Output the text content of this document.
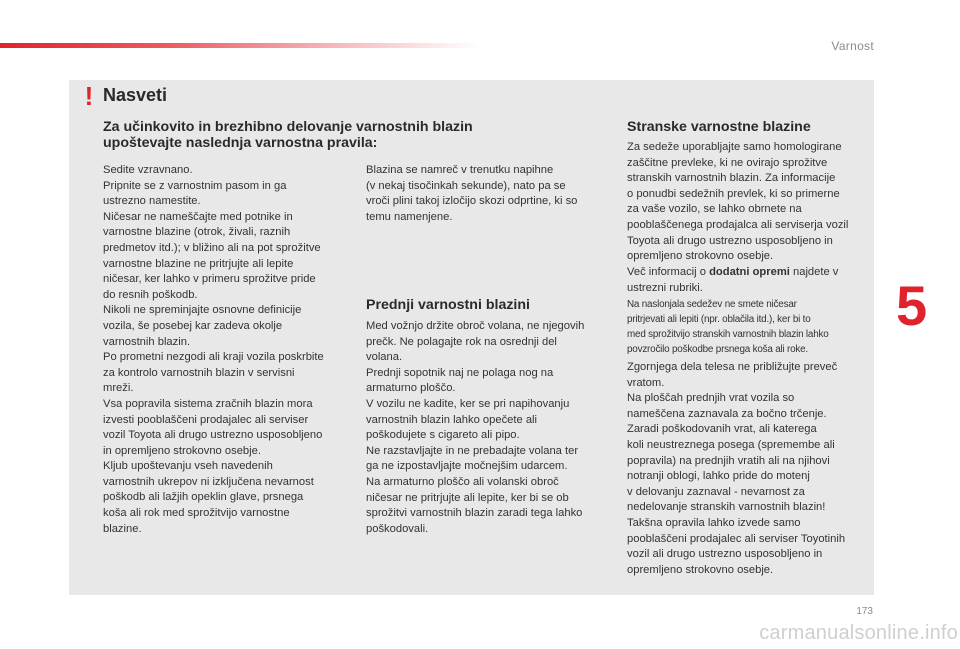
Varnost
! Nasveti
Za učinkovito in brezhibno delovanje varnostnih blazin
upoštevajte naslednja varnostna pravila:

Sedite vzravnano.

Pripnite se z varnostnim pasom in ga

ustrezno namestite.

Ničesar ne nameščajte med potnike in

varnostne blazine (otrok, živali, raznih

predmetov itd.); v bližino ali na pot sprožitve

varnostne blazine ne pritrjujte ali lepite

ničesar, ker lahko v primeru sprožitve pride

do resnih poškodb.

Nikoli ne spreminjajte osnovne definicije

vozila, še posebej kar zadeva okolje

varnostnih blazin.

Po prometni nezgodi ali kraji vozila poskrbite

za kontrolo varnostnih blazin v servisni

mreži.

Vsa popravila sistema zračnih blazin mora

izvesti pooblaščeni prodajalec ali serviser

vozil Toyota ali drugo ustrezno usposobljeno

in opremljeno strokovno osebje.

Kljub upoštevanju vseh navedenih

varnostnih ukrepov ni izključena nevarnost

poškodb ali lažjih opeklin glave, prsnega

koša ali rok med sprožitvijo varnostne

blazine.

Blazina se namreč v trenutku napihne

(v nekaj tisočinkah sekunde), nato pa se

vroči plini takoj izločijo skozi odprtine, ki so

temu namenjene.

Prednji varnostni blazini

Med vožnjo držite obroč volana, ne njegovih

prečk. Ne polagajte rok na osrednji del

volana.

Prednji sopotnik naj ne polaga nog na

armaturno ploščo.

V vozilu ne kadite, ker se pri napihovanju

varnostnih blazin lahko opečete ali

poškodujete s cigareto ali pipo.

Ne razstavljajte in ne prebadajte volana ter

ga ne izpostavljajte močnejšim udarcem.

Na armaturno ploščo ali volanski obroč

ničesar ne pritrjujte ali lepite, ker bi se ob

sprožitvi varnostnih blazin zaradi tega lahko

poškodovali.

Stranske varnostne blazine

Za sedeže uporabljajte samo homologirane

zaščitne prevleke, ki ne ovirajo sprožitve

stranskih varnostnih blazin. Za informacije

o ponudbi sedežnih prevlek, ki so primerne

za vaše vozilo, se lahko obrnete na

pooblaščenega prodajalca ali serviserja vozil

Toyota ali drugo ustrezno usposobljeno in

opremljeno strokovno osebje.

Več informacij o dodatni opremi najdete v

ustrezni rubriki.

Na naslonjala sedežev ne smete ničesar

pritrjevati ali lepiti (npr. oblačila itd.), ker bi to

med sprožitvijo stranskih varnostnih blazin lahko

povzročilo poškodbe prsnega koša ali roke.

Zgornjega dela telesa ne približujte preveč

vratom.

Na ploščah prednjih vrat vozila so

nameščena zaznavala za bočno trčenje.

Zaradi poškodovanih vrat, ali katerega

koli neustreznega posega (spremembe ali

popravila) na prednjih vratih ali na njihovi

notranji oblogi, lahko pride do motenj

v delovanju zaznaval - nevarnost za

nedelovanje stranskih varnostnih blazin!

Takšna opravila lahko izvede samo

pooblaščeni prodajalec ali serviser Toyotinih

vozil ali drugo ustrezno usposobljeno in

opremljeno strokovno osebje.

5
173
carmanualsonline.info
